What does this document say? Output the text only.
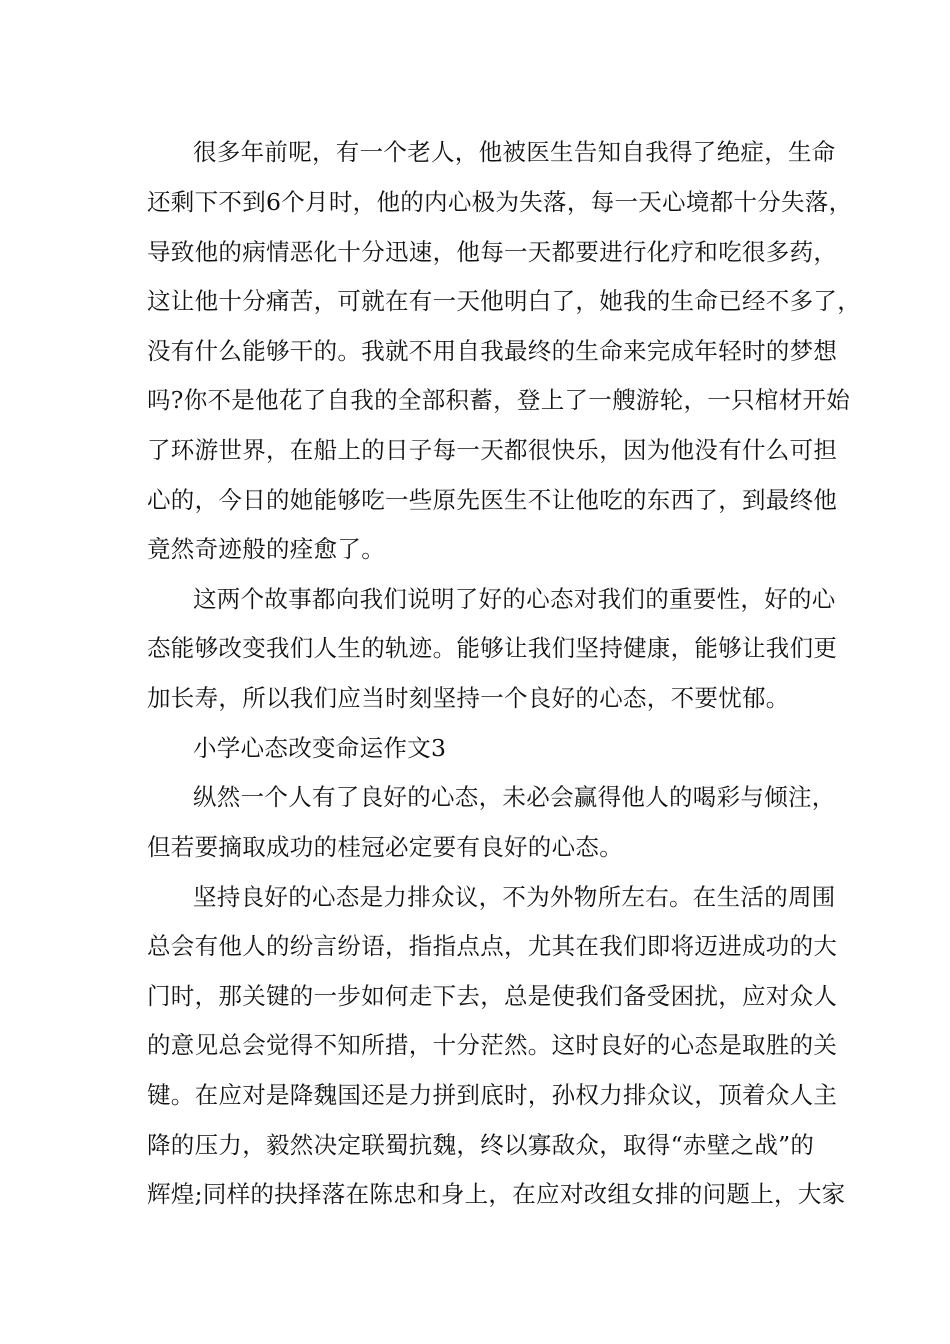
很多年前呢，有一个老人，他被医生告知自我得了绝症，生命
还剩下不到6个月时，他的内心极为失落，每一天心境都十分失落，
导致他的病情恶化十分迅速，他每一天都要进行化疗和吃很多药，
这让他十分痛苦，可就在有一天他明白了，她我的生命已经不多了，
没有什么能够干的。我就不用自我最终的生命来完成年轻时的梦想
吗?你不是他花了自我的全部积蓄，登上了一艘游轮，一只棺材开始
了环游世界，在船上的日子每一天都很快乐，因为他没有什么可担
心的，今日的她能够吃一些原先医生不让他吃的东西了，到最终他
竟然奇迹般的痊愈了。
这两个故事都向我们说明了好的心态对我们的重要性，好的心
态能够改变我们人生的轨迹。能够让我们坚持健康，能够让我们更
加长寿，所以我们应当时刻坚持一个良好的心态，不要忧郁。
小学心态改变命运作文3
纵然一个人有了良好的心态，未必会赢得他人的喝彩与倾注，
但若要摘取成功的桂冠必定要有良好的心态。
坚持良好的心态是力排众议，不为外物所左右。在生活的周围
总会有他人的纷言纷语，指指点点，尤其在我们即将迈进成功的大
门时，那关键的一步如何走下去，总是使我们备受困扰，应对众人
的意见总会觉得不知所措，十分茫然。这时良好的心态是取胜的关
键。在应对是降魏国还是力拼到底时，孙权力排众议，顶着众人主
降的压力，毅然决定联蜀抗魏，终以寡敌众，取得“赤壁之战”的
辉煌;同样的抉择落在陈忠和身上，在应对改组女排的问题上，大家
